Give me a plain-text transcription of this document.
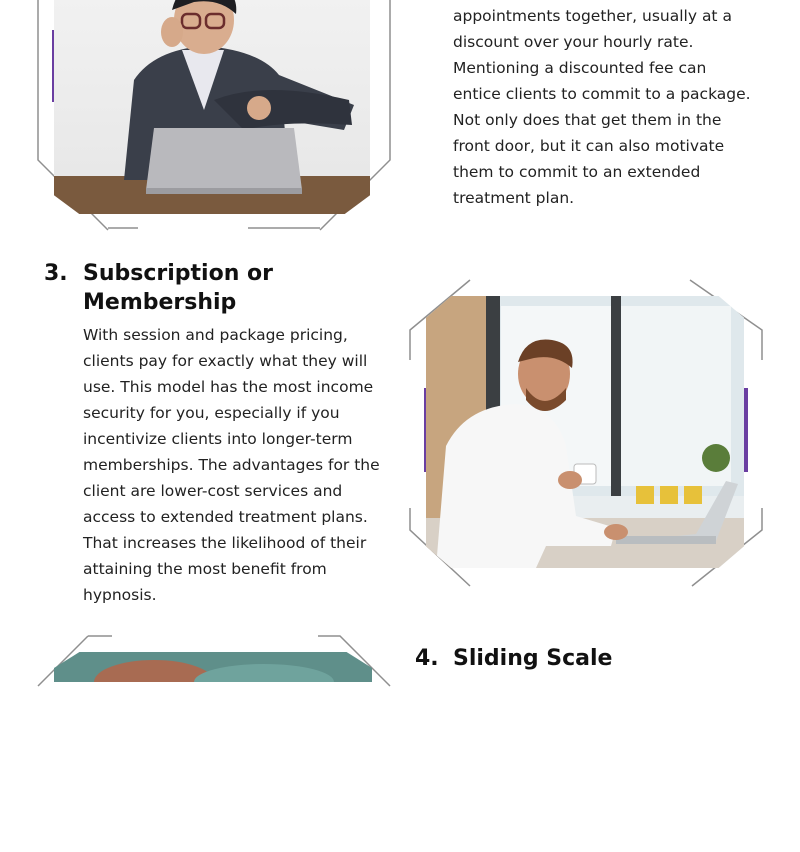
appointments together, usually at a discount over your hourly rate. Mentioning a discounted fee can entice clients to commit to a package. Not only does that get them in the front door, but it can also motivate them to commit to an extended treatment plan.

3. Subscription or

Membership

With session and package pricing, clients pay for exactly what they will use. This model has the most income security for you, especially if you incentivize clients into longer-term memberships. The advantages for the client are lower-cost services and access to extended treatment plans. That increases the likelihood of their attaining the most benefit from hypnosis.

4. Sliding Scale
